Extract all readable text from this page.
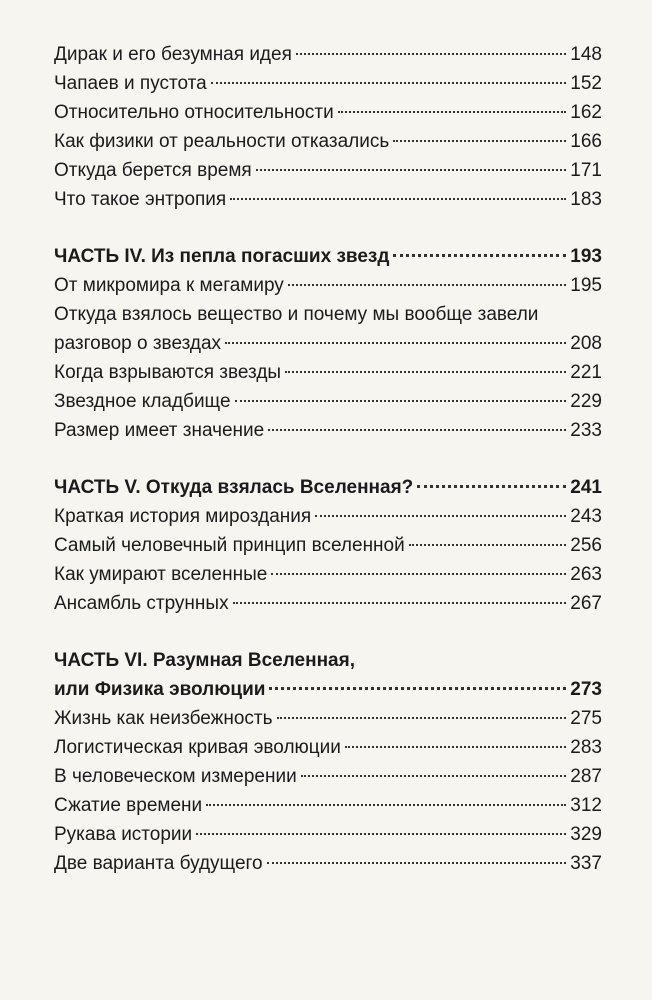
Дирак и его безумная идея	148
Чапаев и пустота	152
Относительно относительности	162
Как физики от реальности отказались	166
Откуда берется время	171
Что такое энтропия	183
ЧАСТЬ IV. Из пепла погасших звезд	193
От микромира к мегамиру	195
Откуда взялось вещество и почему мы вообще завели
разговор о звездах	208
Когда взрываются звезды	221
Звездное кладбище	229
Размер имеет значение	233
ЧАСТЬ V. Откуда взялась Вселенная?	241
Краткая история мироздания	243
Самый человечный принцип вселенной	256
Как умирают вселенные	263
Ансамбль струнных	267
ЧАСТЬ VI. Разумная Вселенная,
или Физика эволюции	273
Жизнь как неизбежность	275
Логистическая кривая эволюции	283
В человеческом измерении	287
Сжатие времени	312
Рукава истории	329
Две варианта будущего	337
